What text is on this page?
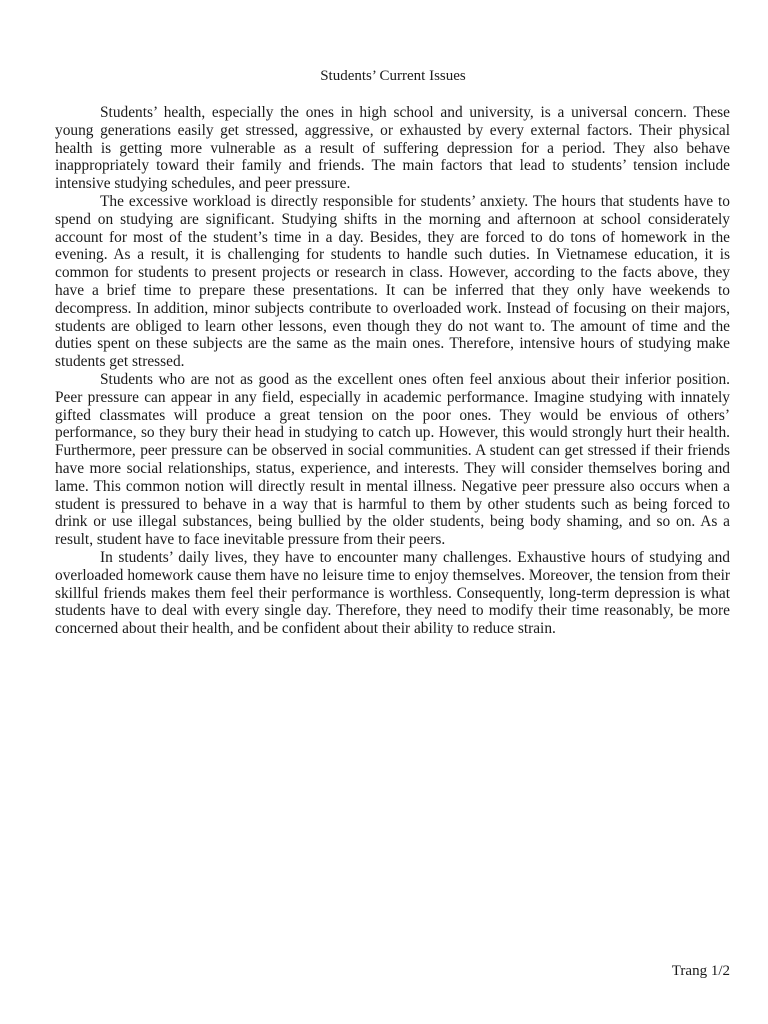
Students’ Current Issues

Students’ health, especially the ones in high school and university, is a universal concern. These young generations easily get stressed, aggressive, or exhausted by every external factors. Their physical health is getting more vulnerable as a result of suffering depression for a period. They also behave inappropriately toward their family and friends. The main factors that lead to students’ tension include intensive studying schedules, and peer pressure.

The excessive workload is directly responsible for students’ anxiety. The hours that students have to spend on studying are significant. Studying shifts in the morning and afternoon at school considerately account for most of the student’s time in a day. Besides, they are forced to do tons of homework in the evening. As a result, it is challenging for students to handle such duties. In Vietnamese education, it is common for students to present projects or research in class. However, according to the facts above, they have a brief time to prepare these presentations. It can be inferred that they only have weekends to decompress. In addition, minor subjects contribute to overloaded work. Instead of focusing on their majors, students are obliged to learn other lessons, even though they do not want to. The amount of time and the duties spent on these subjects are the same as the main ones. Therefore, intensive hours of studying make students get stressed.

Students who are not as good as the excellent ones often feel anxious about their inferior position. Peer pressure can appear in any field, especially in academic performance. Imagine studying with innately gifted classmates will produce a great tension on the poor ones. They would be envious of others’ performance, so they bury their head in studying to catch up. However, this would strongly hurt their health. Furthermore, peer pressure can be observed in social communities. A student can get stressed if their friends have more social relationships, status, experience, and interests. They will consider themselves boring and lame. This common notion will directly result in mental illness. Negative peer pressure also occurs when a student is pressured to behave in a way that is harmful to them by other students such as being forced to drink or use illegal substances, being bullied by the older students, being body shaming, and so on. As a result, student have to face inevitable pressure from their peers.

In students’ daily lives, they have to encounter many challenges. Exhaustive hours of studying and overloaded homework cause them have no leisure time to enjoy themselves. Moreover, the tension from their skillful friends makes them feel their performance is worthless. Consequently, long-term depression is what students have to deal with every single day. Therefore, they need to modify their time reasonably, be more concerned about their health, and be confident about their ability to reduce strain.

Trang 1/2
